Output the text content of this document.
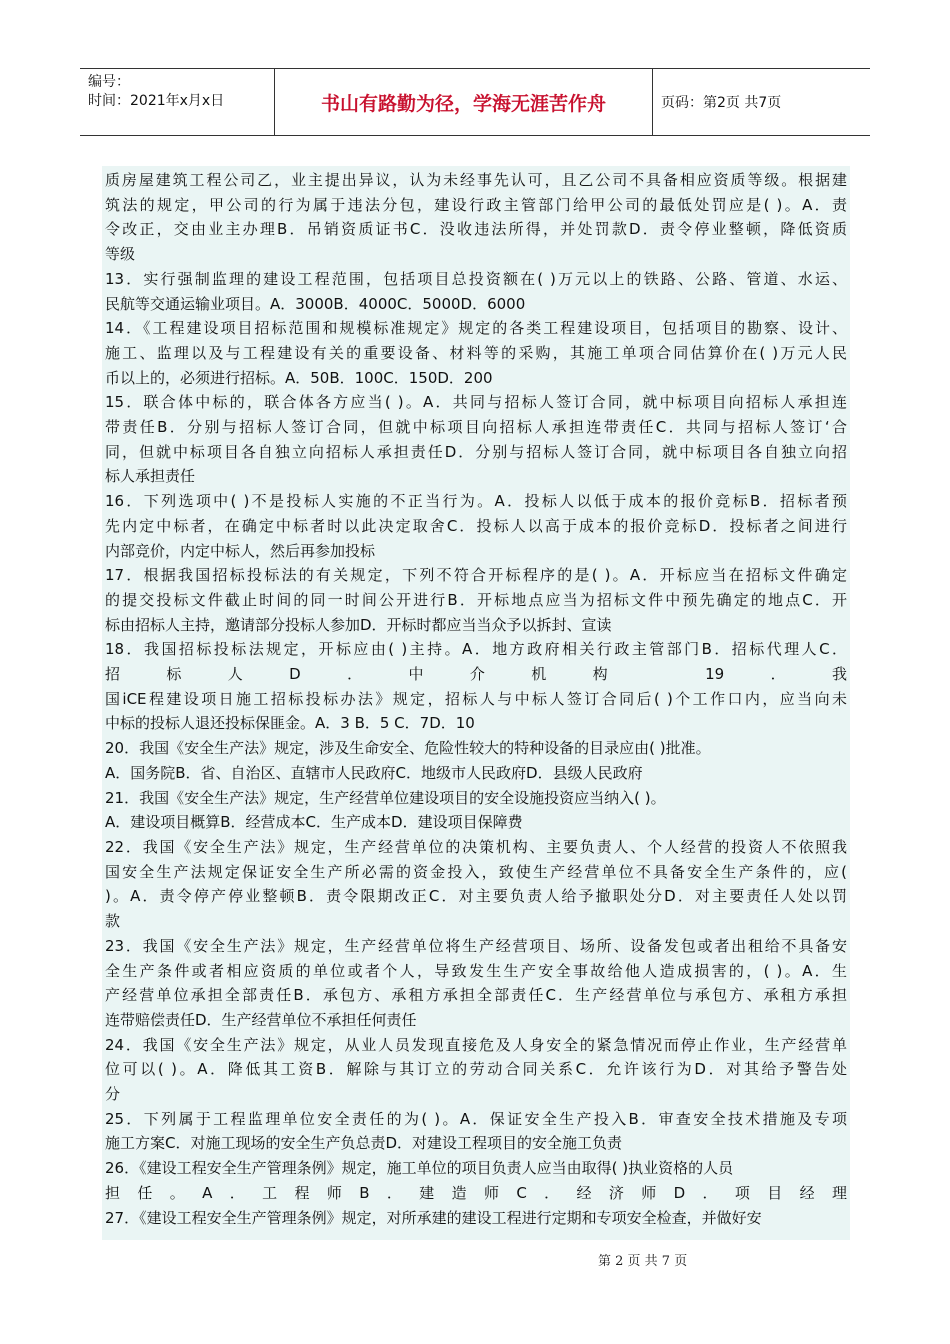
编号：
时间：2021年x月x日	书山有路勤为径，学海无涯苦作舟	页码：第2页 共7页
质房屋建筑工程公司乙，业主提出异议，认为未经事先认可，且乙公司不具备相应资质等级。根据建
筑法的规定，甲公司的行为属于违法分包，建设行政主管部门给甲公司的最低处罚应是( )。A．责
令改正，交由业主办理B．吊销资质证书C．没收违法所得，并处罚款D．责令停业整顿，降低资质
等级
13．实行强制监理的建设工程范围，包括项目总投资额在( )万元以上的铁路、公路、管道、水运、
民航等交通运输业项目。A．3000B．4000C．5000D．6000
14．《工程建设项目招标范围和规模标准规定》规定的各类工程建设项目，包括项目的勘察、设计、
施工、监理以及与工程建设有关的重要设备、材料等的采购，其施工单项合同估算价在( )万元人民
币以上的，必须进行招标。A．50B．100C．150D．200
15．联合体中标的，联合体各方应当( )。A．共同与招标人签订合同，就中标项目向招标人承担连
带责任B．分别与招标人签订合同，但就中标项目向招标人承担连带责任C．共同与招标人签订‘合
同，但就中标项目各自独立向招标人承担责任D．分别与招标人签订合同，就中标项目各自独立向招
标人承担责任
16．下列选项中( )不是投标人实施的不正当行为。A．投标人以低于成本的报价竞标B．招标者预
先内定中标者，在确定中标者时以此决定取舍C．投标人以高于成本的报价竞标D．投标者之间进行
内部竞价，内定中标人，然后再参加投标
17．根据我国招标投标法的有关规定，下列不符合开标程序的是( )。A．开标应当在招标文件确定
的提交投标文件截止时间的同一时间公开进行B．开标地点应当为招标文件中预先确定的地点C．开
标由招标人主持，邀请部分投标人参加D．开标时都应当当众予以拆封、宣读
18．我国招标投标法规定，开标应由( )主持。A．地方政府相关行政主管部门B．招标代理人C．
招标人D．中介机构 19．我
国iCE程建设项日施工招标投标办法》规定，招标人与中标人签订合同后( )个工作口内，应当向未
中标的投标人退还投标保匪金。A．3 B．5 C．7D．10
20．我国《安全生产法》规定，涉及生命安全、危险性较大的特种设备的目录应由( )批准。
A．国务院B．省、自治区、直辖市人民政府C．地级市人民政府D．县级人民政府
21．我国《安全生产法》规定，生产经营单位建设项目的安全设施投资应当纳入( )。
A．建设项目概算B．经营成本C．生产成本D．建设项目保障费
22．我国《安全生产法》规定，生产经营单位的决策机构、主要负责人、个人经营的投资人不依照我
国安全生产法规定保证安全生产所必需的资金投入，致使生产经营单位不具备安全生产条件的，应(
)。A．责令停产停业整顿B．责令限期改正C．对主要负责人给予撤职处分D．对主要责任人处以罚
款
23．我国《安全生产法》规定，生产经营单位将生产经营项目、场所、设备发包或者出租给不具备安
全生产条件或者相应资质的单位或者个人，导致发生生产安全事故给他人造成损害的，( )。A．生
产经营单位承担全部责任B．承包方、承租方承担全部责任C．生产经营单位与承包方、承租方承担
连带赔偿责任D．生产经营单位不承担任何责任
24．我国《安全生产法》规定，从业人员发现直接危及人身安全的紧急情况而停止作业，生产经营单
位可以( )。A．降低其工资B．解除与其订立的劳动合同关系C．允许该行为D．对其给予警告处
分
25．下列属于工程监理单位安全责任的为( )。A．保证安全生产投入B．审查安全技术措施及专项
施工方案C．对施工现场的安全生产负总责D．对建设工程项目的安全施工负责
26．《建设工程安全生产管理条例》规定，施工单位的项目负责人应当由取得( )执业资格的人员
担任。A．工程师B．建造师C．经济师D．项目经理
27．《建设工程安全生产管理条例》规定，对所承建的建设工程进行定期和专项安全检查，并做好安
第 2 页 共 7 页
